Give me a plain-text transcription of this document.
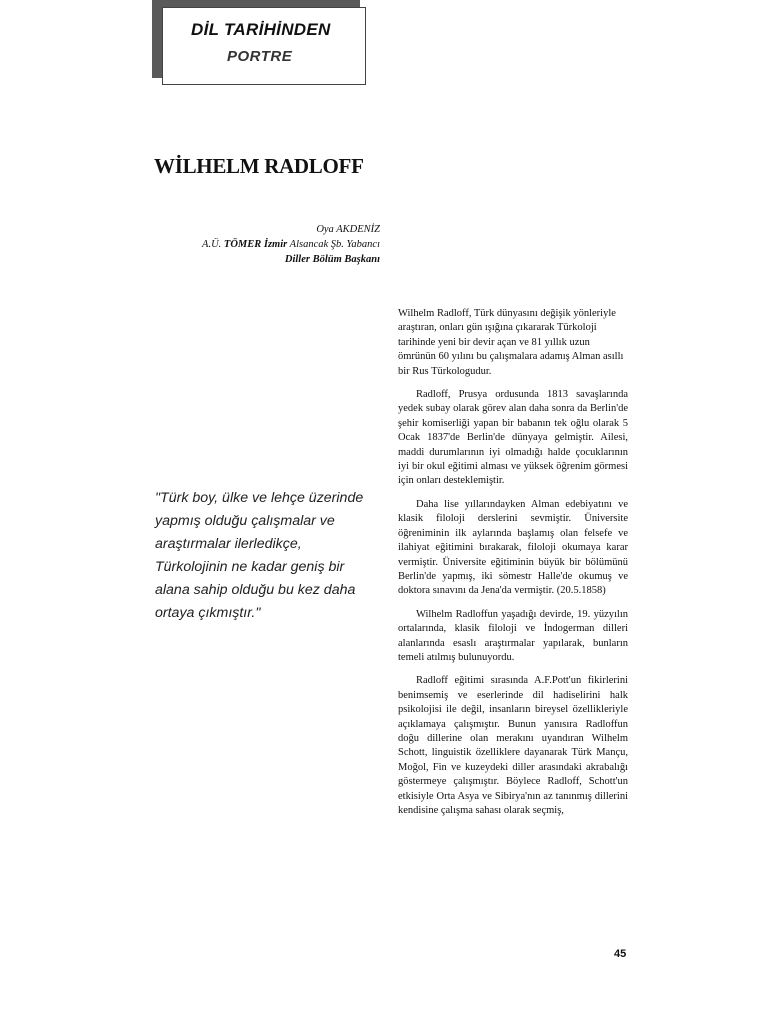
DİL TARİHİNDEN
PORTRE
WİLHELM RADLOFF
Oya AKDENİZ
A.Ü. TÖMER İzmir Alsancak Şb. Yabancı
Diller Bölüm Başkanı
"Türk boy, ülke ve lehçe üzerinde yapmış olduğu çalışmalar ve araştırmalar ilerledikçe, Türkolojinin ne kadar geniş bir alana sahip olduğu bu kez daha ortaya çıkmıştır."

Wilhelm Radloff, Türk dünyasını değişik yönleriyle araştıran, onları gün ışığına çıkararak Türkoloji tarihinde yeni bir devir açan ve 81 yıllık uzun ömrünün 60 yılını bu çalışmalara adamış Alman asıllı bir Rus Türkologudur.

Radloff, Prusya ordusunda 1813 savaşlarında yedek subay olarak görev alan daha sonra da Berlin'de şehir komiserliği yapan bir babanın tek oğlu olarak 5 Ocak 1837'de Berlin'de dünyaya gelmiştir. Ailesi, maddi durumlarının iyi olmadığı halde çocuklarının iyi bir okul eğitimi alması ve yüksek öğrenim görmesi için onları desteklemiştir.

Daha lise yıllarındayken Alman edebiyatını ve klasik filoloji derslerini sevmiştir. Üniversite öğreniminin ilk aylarında başlamış olan felsefe ve ilahiyat eğitimini bırakarak, filoloji okumaya karar vermiştir. Üniversite eğitiminin büyük bir bölümünü Berlin'de yapmış, iki sömestr Halle'de okumuş ve doktora sınavını da Jena'da vermiştir. (20.5.1858)

Wilhelm Radloffun yaşadığı devirde, 19. yüzyılın ortalarında, klasik filoloji ve İndogerman dilleri alanlarında esaslı araştırmalar yapılarak, bunların temeli atılmış bulunuyordu.

Radloff eğitimi sırasında A.F.Pott'un fikirlerini benimsemiş ve eserlerinde dil hadiselirini halk psikolojisi ile değil, insanların bireysel özellikleriyle açıklamaya çalışmıştır. Bunun yanısıra Radloffun doğu dillerine olan merakını uyandıran Wilhelm Schott, linguistik özelliklere dayanarak Türk Mançu, Moğol, Fin ve kuzeydeki diller arasındaki akrabalığı göstermeye çalışmıştır. Böylece Radloff, Schott'un etkisiyle Orta Asya ve Sibirya'nın az tanınmış dillerini kendisine çalışma sahası olarak seçmiş,

45
